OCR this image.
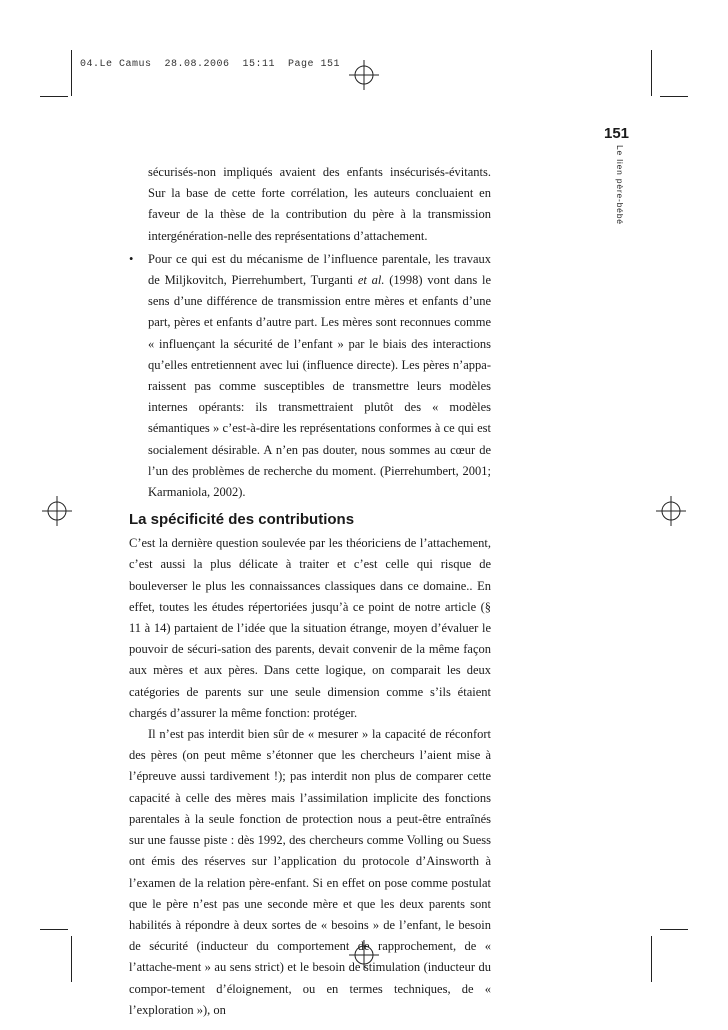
04.Le Camus  28.08.2006  15:11  Page 151
151
Le lien père-bébé

sécurisés-non impliqués avaient des enfants insécurisés-évitants. Sur la base de cette forte corrélation, les auteurs concluaient en faveur de la thèse de la contribution du père à la transmission intergénération-nelle des représentations d’attachement.

• Pour ce qui est du mécanisme de l’influence parentale, les travaux de Miljkovitch, Pierrehumbert, Turganti et al. (1998) vont dans le sens d’une différence de transmission entre mères et enfants d’une part, pères et enfants d’autre part. Les mères sont reconnues comme « influençant la sécurité de l’enfant » par le biais des interactions qu’elles entretiennent avec lui (influence directe). Les pères n’appa-raissent pas comme susceptibles de transmettre leurs modèles internes opérants: ils transmettraient plutôt des « modèles sémantiques » c’est-à-dire les représentations conformes à ce qui est socialement désirable. A n’en pas douter, nous sommes au cœur de l’un des problèmes de recherche du moment. (Pierrehumbert, 2001; Karmaniola, 2002).
La spécificité des contributions

C’est la dernière question soulevée par les théoriciens de l’attachement, c’est aussi la plus délicate à traiter et c’est celle qui risque de bouleverser le plus les connaissances classiques dans ce domaine.. En effet, toutes les études répertoriées jusqu’à ce point de notre article (§ 11 à 14) partaient de l’idée que la situation étrange, moyen d’évaluer le pouvoir de sécuri-sation des parents, devait convenir de la même façon aux mères et aux pères. Dans cette logique, on comparait les deux catégories de parents sur une seule dimension comme s’ils étaient chargés d’assurer la même fonction: protéger.

Il n’est pas interdit bien sûr de « mesurer » la capacité de réconfort des pères (on peut même s’étonner que les chercheurs l’aient mise à l’épreuve aussi tardivement !); pas interdit non plus de comparer cette capacité à celle des mères mais l’assimilation implicite des fonctions parentales à la seule fonction de protection nous a peut-être entraînés sur une fausse piste : dès 1992, des chercheurs comme Volling ou Suess ont émis des réserves sur l’application du protocole d’Ainsworth à l’examen de la relation père-enfant. Si en effet on pose comme postulat que le père n’est pas une seconde mère et que les deux parents sont habilités à répondre à deux sortes de « besoins » de l’enfant, le besoin de sécurité (inducteur du comportement de rapprochement, de « l’attache-ment » au sens strict) et le besoin de stimulation (inducteur du compor-tement d’éloignement, ou en termes techniques, de « l’exploration »), on
